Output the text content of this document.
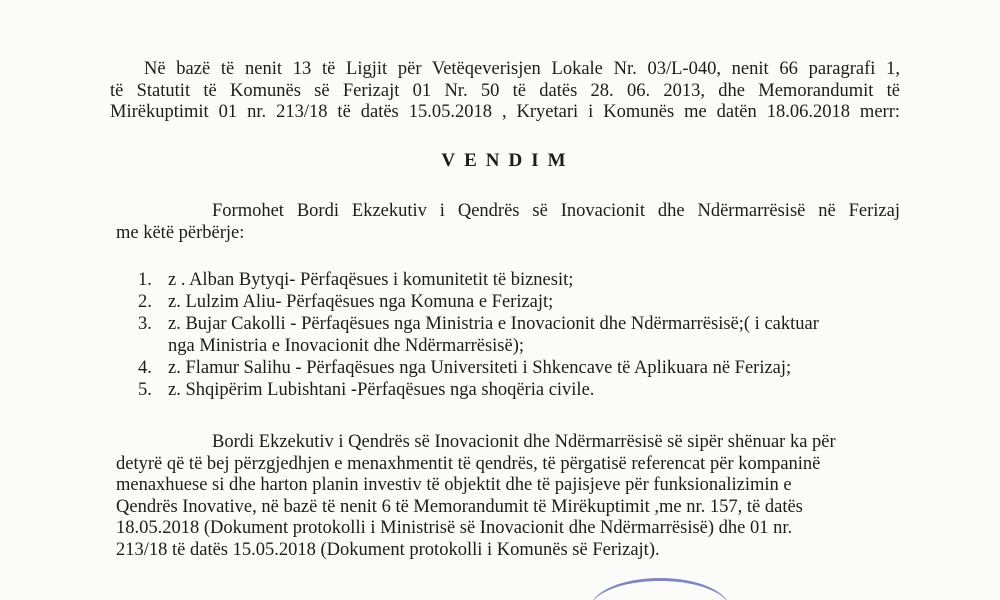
Në bazë të nenit 13 të Ligjit për Vetëqeverisjen Lokale Nr. 03/L-040, nenit 66 paragrafi 1,
të Statutit të Komunës së Ferizajt 01 Nr. 50 të datës 28. 06. 2013, dhe Memorandumit të
Mirëkuptimit 01 nr. 213/18 të datës 15.05.2018 , Kryetari i Komunës me datën 18.06.2018 merr:
VENDIM
Formohet Bordi Ekzekutiv i Qendrës së Inovacionit dhe Ndërmarrësisë në Ferizaj
me këtë përbërje:
1. z . Alban Bytyqi- Përfaqësues i komunitetit të biznesit;
2. z. Lulzim Aliu- Përfaqësues nga Komuna e Ferizajt;
3. z. Bujar Cakolli - Përfaqësues nga Ministria e Inovacionit dhe Ndërmarrësisë;( i caktuar
nga Ministria e Inovacionit dhe Ndërmarrësisë);
4. z. Flamur Salihu - Përfaqësues nga Universiteti i Shkencave të Aplikuara në Ferizaj;
5. z. Shqipërim Lubishtani -Përfaqësues nga shoqëria civile.
Bordi Ekzekutiv i Qendrës së Inovacionit dhe Ndërmarrësisë së sipër shënuar ka për
detyrë që të bej përzgjedhjen e menaxhmentit të qendrës, të përgatisë referencat për kompaninë
menaxhuese si dhe harton planin investiv të objektit dhe të pajisjeve për funksionalizimin e
Qendrës Inovative, në bazë të nenit 6 të Memorandumit të Mirëkuptimit ,me nr. 157, të datës
18.05.2018 (Dokument protokolli i Ministrisë së Inovacionit dhe Ndërmarrësisë) dhe 01 nr.
213/18 të datës 15.05.2018 (Dokument protokolli i Komunës së Ferizajt).
